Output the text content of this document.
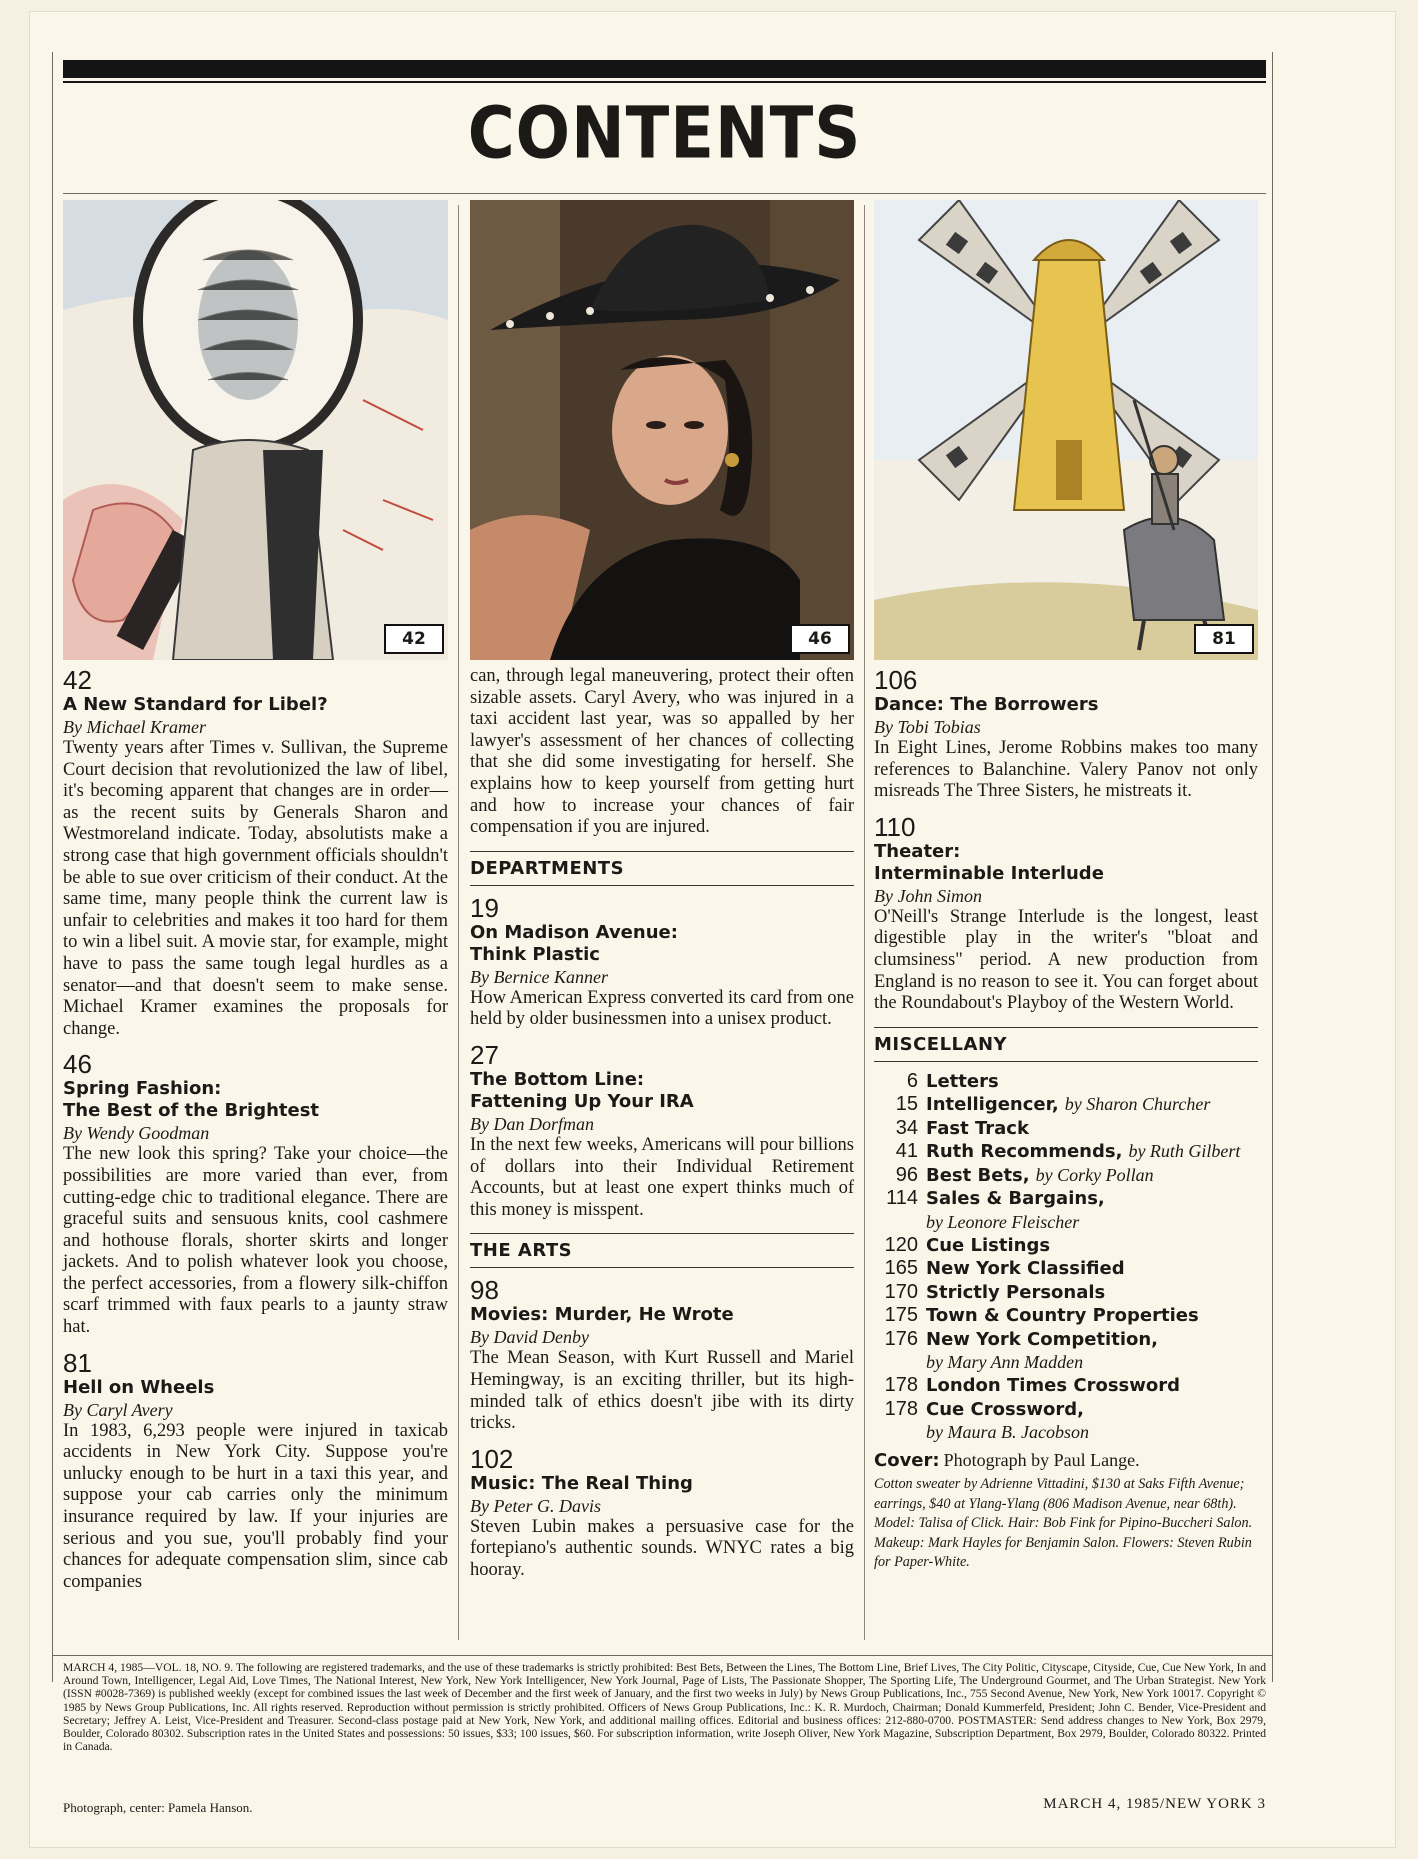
CONTENTS
42
42
A New Standard for Libel?
By Michael Kramer
Twenty years after Times v. Sullivan, the Supreme Court decision that revolutionized the law of libel, it's becoming apparent that changes are in order—as the recent suits by Generals Sharon and Westmoreland indicate. Today, absolutists make a strong case that high government officials shouldn't be able to sue over criticism of their conduct. At the same time, many people think the current law is unfair to celebrities and makes it too hard for them to win a libel suit. A movie star, for example, might have to pass the same tough legal hurdles as a senator—and that doesn't seem to make sense. Michael Kramer examines the proposals for change.
46
Spring Fashion:
The Best of the Brightest
By Wendy Goodman
The new look this spring? Take your choice—the possibilities are more varied than ever, from cutting-edge chic to traditional elegance. There are graceful suits and sensuous knits, cool cashmere and hothouse florals, shorter skirts and longer jackets. And to polish whatever look you choose, the perfect accessories, from a flowery silk-chiffon scarf trimmed with faux pearls to a jaunty straw hat.
81
Hell on Wheels
By Caryl Avery
In 1983, 6,293 people were injured in taxicab accidents in New York City. Suppose you're unlucky enough to be hurt in a taxi this year, and suppose your cab carries only the minimum insurance required by law. If your injuries are serious and you sue, you'll probably find your chances for adequate compensation slim, since cab companies
46
can, through legal maneuvering, protect their often sizable assets. Caryl Avery, who was injured in a taxi accident last year, was so appalled by her lawyer's assessment of her chances of collecting that she did some investigating for herself. She explains how to keep yourself from getting hurt and how to increase your chances of fair compensation if you are injured.
DEPARTMENTS
19
On Madison Avenue:
Think Plastic
By Bernice Kanner
How American Express converted its card from one held by older businessmen into a unisex product.
27
The Bottom Line:
Fattening Up Your IRA
By Dan Dorfman
In the next few weeks, Americans will pour billions of dollars into their Individual Retirement Accounts, but at least one expert thinks much of this money is misspent.
THE ARTS
98
Movies: Murder, He Wrote
By David Denby
The Mean Season, with Kurt Russell and Mariel Hemingway, is an exciting thriller, but its high-minded talk of ethics doesn't jibe with its dirty tricks.
102
Music: The Real Thing
By Peter G. Davis
Steven Lubin makes a persuasive case for the fortepiano's authentic sounds. WNYC rates a big hooray.
81
106
Dance: The Borrowers
By Tobi Tobias
In Eight Lines, Jerome Robbins makes too many references to Balanchine. Valery Panov not only misreads The Three Sisters, he mistreats it.
110
Theater:
Interminable Interlude
By John Simon
O'Neill's Strange Interlude is the longest, least digestible play in the writer's "bloat and clumsiness" period. A new production from England is no reason to see it. You can forget about the Roundabout's Playboy of the Western World.
MISCELLANY
6 Letters
15 Intelligencer, by Sharon Churcher
34 Fast Track
41 Ruth Recommends, by Ruth Gilbert
96 Best Bets, by Corky Pollan
114 Sales & Bargains,
by Leonore Fleischer
120 Cue Listings
165 New York Classified
170 Strictly Personals
175 Town & Country Properties
176 New York Competition,
by Mary Ann Madden
178 London Times Crossword
178 Cue Crossword,
by Maura B. Jacobson
Cover: Photograph by Paul Lange.
Cotton sweater by Adrienne Vittadini, $130 at Saks Fifth Avenue; earrings, $40 at Ylang-Ylang (806 Madison Avenue, near 68th). Model: Talisa of Click. Hair: Bob Fink for Pipino-Buccheri Salon. Makeup: Mark Hayles for Benjamin Salon. Flowers: Steven Rubin for Paper-White.
MARCH 4, 1985—VOL. 18, NO. 9. The following are registered trademarks, and the use of these trademarks is strictly prohibited: Best Bets, Between the Lines, The Bottom Line, Brief Lives, The City Politic, Cityscape, Cityside, Cue, Cue New York, In and Around Town, Intelligencer, Legal Aid, Love Times, The National Interest, New York, New York Intelligencer, New York Journal, Page of Lists, The Passionate Shopper, The Sporting Life, The Underground Gourmet, and The Urban Strategist. New York (ISSN #0028-7369) is published weekly (except for combined issues the last week of December and the first week of January, and the first two weeks in July) by News Group Publications, Inc., 755 Second Avenue, New York, New York 10017. Copyright © 1985 by News Group Publications, Inc. All rights reserved. Reproduction without permission is strictly prohibited. Officers of News Group Publications, Inc.: K. R. Murdoch, Chairman; Donald Kummerfeld, President; John C. Bender, Vice-President and Secretary; Jeffrey A. Leist, Vice-President and Treasurer. Second-class postage paid at New York, New York, and additional mailing offices. Editorial and business offices: 212-880-0700. POSTMASTER: Send address changes to New York, Box 2979, Boulder, Colorado 80302. Subscription rates in the United States and possessions: 50 issues, $33; 100 issues, $60. For subscription information, write Joseph Oliver, New York Magazine, Subscription Department, Box 2979, Boulder, Colorado 80322. Printed in Canada.
Photograph, center: Pamela Hanson.	MARCH 4, 1985/NEW YORK 3
